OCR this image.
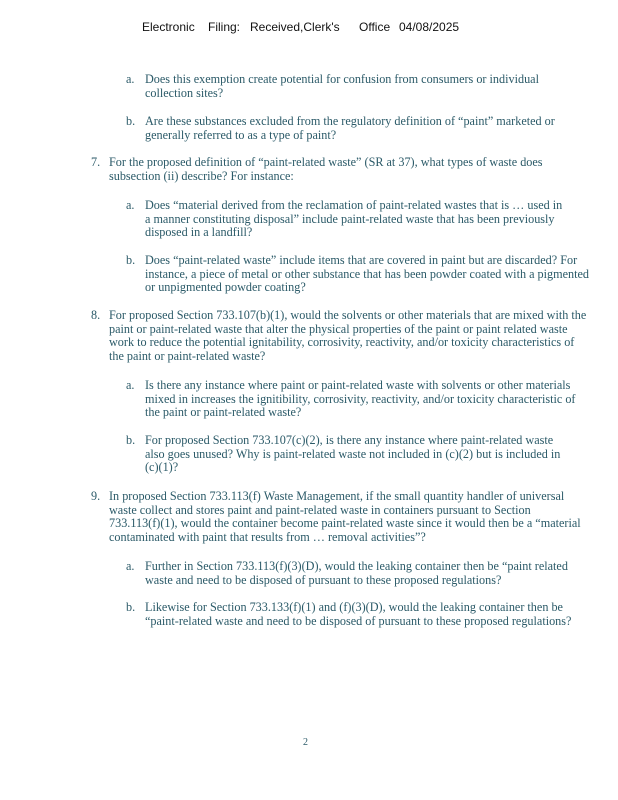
Electronic Filing: Received,Clerk's Office 04/08/2025
a. Does this exemption create potential for confusion from consumers or individual collection sites?
b. Are these substances excluded from the regulatory definition of “paint” marketed or generally referred to as a type of paint?
7. For the proposed definition of “paint-related waste” (SR at 37), what types of waste does subsection (ii) describe? For instance:
a. Does “material derived from the reclamation of paint-related wastes that is … used in a manner constituting disposal” include paint-related waste that has been previously disposed in a landfill?
b. Does “paint-related waste” include items that are covered in paint but are discarded? For instance, a piece of metal or other substance that has been powder coated with a pigmented or unpigmented powder coating?
8. For proposed Section 733.107(b)(1), would the solvents or other materials that are mixed with the paint or paint-related waste that alter the physical properties of the paint or paint related waste work to reduce the potential ignitability, corrosivity, reactivity, and/or toxicity characteristics of the paint or paint-related waste?
a. Is there any instance where paint or paint-related waste with solvents or other materials mixed in increases the ignitibility, corrosivity, reactivity, and/or toxicity characteristic of the paint or paint-related waste?
b. For proposed Section 733.107(c)(2), is there any instance where paint-related waste also goes unused? Why is paint-related waste not included in (c)(2) but is included in (c)(1)?
9. In proposed Section 733.113(f) Waste Management, if the small quantity handler of universal waste collect and stores paint and paint-related waste in containers pursuant to Section 733.113(f)(1), would the container become paint-related waste since it would then be a “material contaminated with paint that results from … removal activities”?
a. Further in Section 733.113(f)(3)(D), would the leaking container then be “paint related waste and need to be disposed of pursuant to these proposed regulations?
b. Likewise for Section 733.133(f)(1) and (f)(3)(D), would the leaking container then be “paint-related waste and need to be disposed of pursuant to these proposed regulations?
2
